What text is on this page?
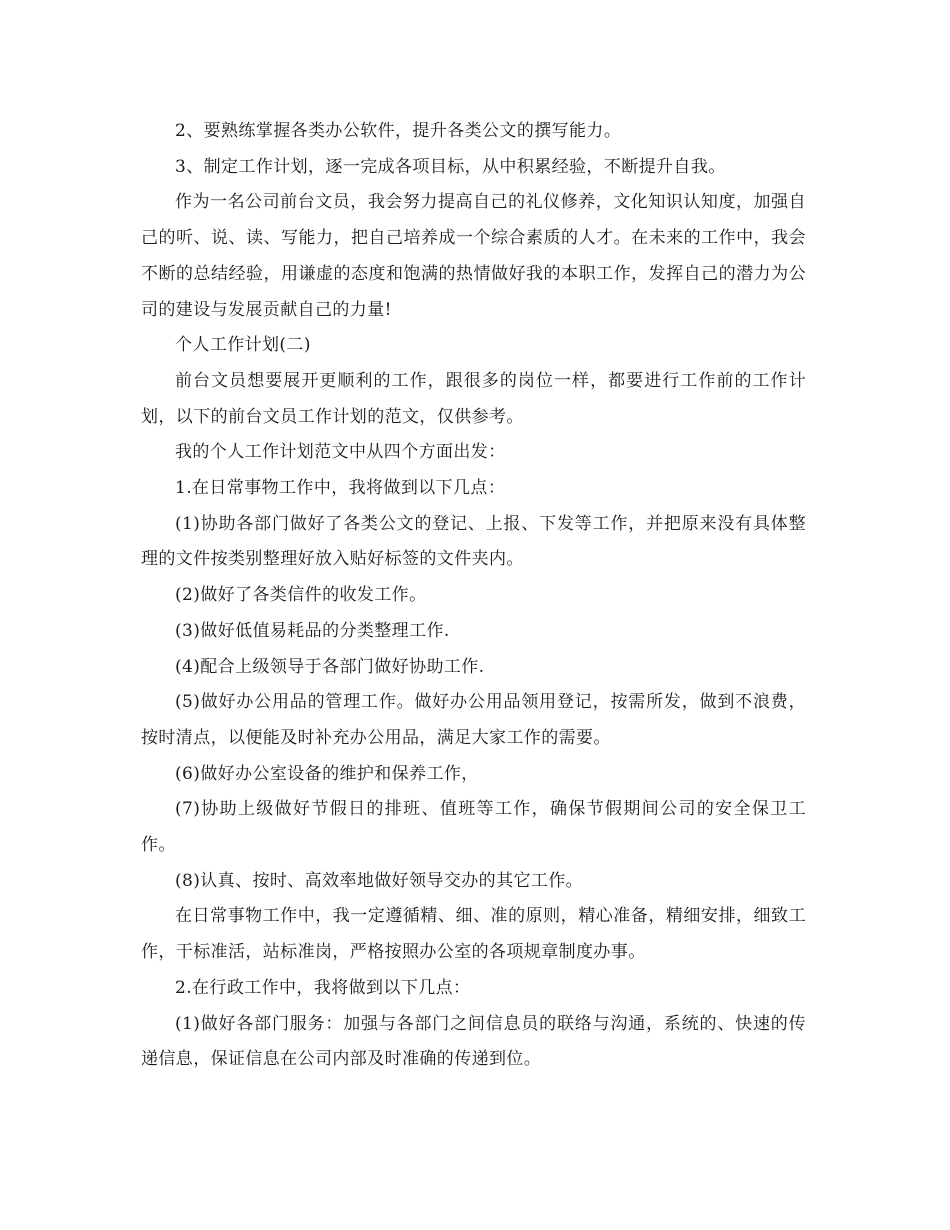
2、要熟练掌握各类办公软件，提升各类公文的撰写能力。

3、制定工作计划，逐一完成各项目标，从中积累经验，不断提升自我。

作为一名公司前台文员，我会努力提高自己的礼仪修养，文化知识认知度，加强自己的听、说、读、写能力，把自己培养成一个综合素质的人才。在未来的工作中，我会不断的总结经验，用谦虚的态度和饱满的热情做好我的本职工作，发挥自己的潜力为公司的建设与发展贡献自己的力量!

个人工作计划(二)

前台文员想要展开更顺利的工作，跟很多的岗位一样，都要进行工作前的工作计划，以下的前台文员工作计划的范文，仅供参考。

我的个人工作计划范文中从四个方面出发：

1.在日常事物工作中，我将做到以下几点：

(1)协助各部门做好了各类公文的登记、上报、下发等工作，并把原来没有具体整理的文件按类别整理好放入贴好标签的文件夹内。

(2)做好了各类信件的收发工作。

(3)做好低值易耗品的分类整理工作.

(4)配合上级领导于各部门做好协助工作.

(5)做好办公用品的管理工作。做好办公用品领用登记，按需所发，做到不浪费，按时清点，以便能及时补充办公用品，满足大家工作的需要。

(6)做好办公室设备的维护和保养工作，

(7)协助上级做好节假日的排班、值班等工作，确保节假期间公司的安全保卫工作。

(8)认真、按时、高效率地做好领导交办的其它工作。

在日常事物工作中，我一定遵循精、细、准的原则，精心准备，精细安排，细致工作，干标准活，站标准岗，严格按照办公室的各项规章制度办事。

2.在行政工作中，我将做到以下几点：

(1)做好各部门服务：加强与各部门之间信息员的联络与沟通，系统的、快速的传递信息，保证信息在公司内部及时准确的传递到位。
